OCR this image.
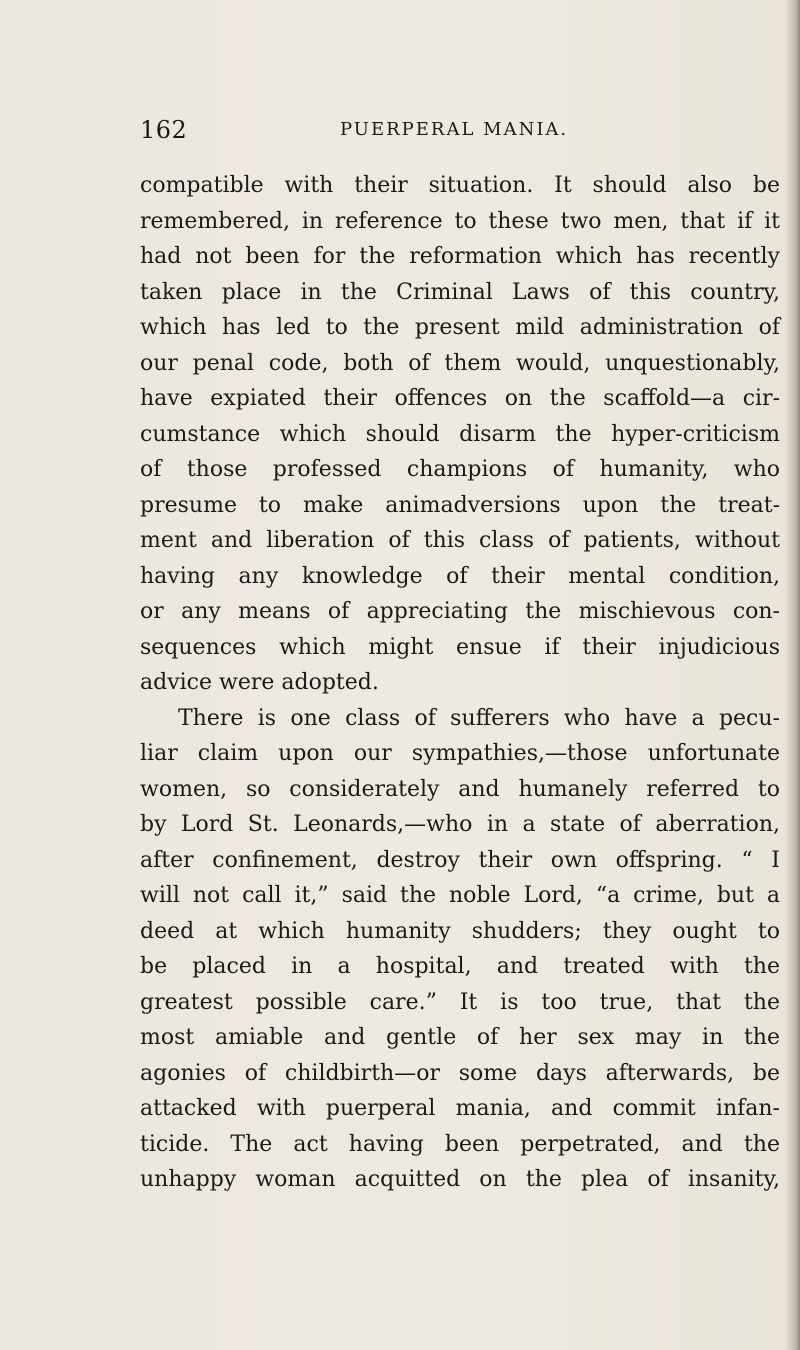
162	PUERPERAL MANIA.
compatible with their situation. It should also be
remembered, in reference to these two men, that if it
had not been for the reformation which has recently
taken place in the Criminal Laws of this country,
which has led to the present mild administration of
our penal code, both of them would, unquestionably,
have expiated their offences on the scaffold—a cir-
cumstance which should disarm the hyper-criticism
of those professed champions of humanity, who
presume to make animadversions upon the treat-
ment and liberation of this class of patients, without
having any knowledge of their mental condition,
or any means of appreciating the mischievous con-
sequences which might ensue if their injudicious
advice were adopted.
There is one class of sufferers who have a pecu-
liar claim upon our sympathies,—those unfortunate
women, so considerately and humanely referred to
by Lord St. Leonards,—who in a state of aberration,
after confinement, destroy their own offspring. “ I
will not call it,” said the noble Lord, “a crime, but a
deed at which humanity shudders; they ought to
be placed in a hospital, and treated with the
greatest possible care.” It is too true, that the
most amiable and gentle of her sex may in the
agonies of childbirth—or some days afterwards, be
attacked with puerperal mania, and commit infan-
ticide. The act having been perpetrated, and the
unhappy woman acquitted on the plea of insanity,
